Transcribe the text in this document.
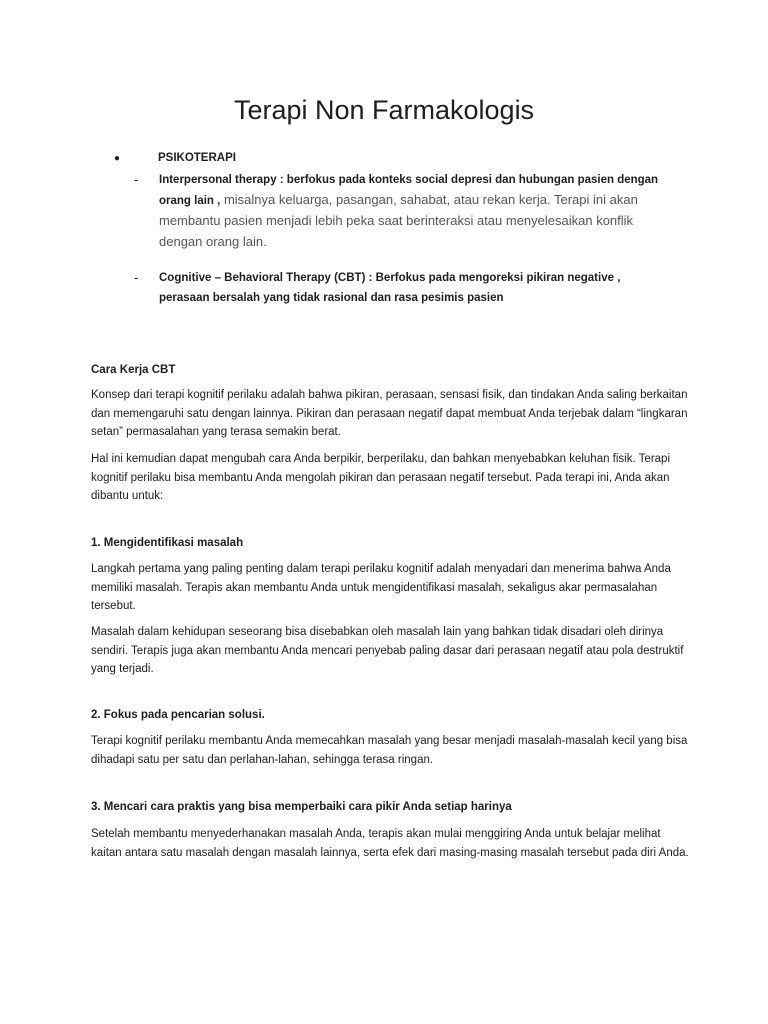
Terapi Non Farmakologis
●	PSIKOTERAPI
- Interpersonal therapy : berfokus pada konteks social depresi dan hubungan pasien dengan orang lain , misalnya keluarga, pasangan, sahabat, atau rekan kerja. Terapi ini akan membantu pasien menjadi lebih peka saat berinteraksi atau menyelesaikan konflik dengan orang lain.
- Cognitive – Behavioral Therapy (CBT) : Berfokus pada mengoreksi pikiran negative , perasaan bersalah yang tidak rasional dan rasa pesimis pasien

Cara Kerja CBT

Konsep dari terapi kognitif perilaku adalah bahwa pikiran, perasaan, sensasi fisik, dan tindakan Anda saling berkaitan dan memengaruhi satu dengan lainnya. Pikiran dan perasaan negatif dapat membuat Anda terjebak dalam “lingkaran setan” permasalahan yang terasa semakin berat.

Hal ini kemudian dapat mengubah cara Anda berpikir, berperilaku, dan bahkan menyebabkan keluhan fisik. Terapi kognitif perilaku bisa membantu Anda mengolah pikiran dan perasaan negatif tersebut. Pada terapi ini, Anda akan dibantu untuk:

1. Mengidentifikasi masalah

Langkah pertama yang paling penting dalam terapi perilaku kognitif adalah menyadari dan menerima bahwa Anda memiliki masalah. Terapis akan membantu Anda untuk mengidentifikasi masalah, sekaligus akar permasalahan tersebut.

Masalah dalam kehidupan seseorang bisa disebabkan oleh masalah lain yang bahkan tidak disadari oleh dirinya sendiri. Terapis juga akan membantu Anda mencari penyebab paling dasar dari perasaan negatif atau pola destruktif yang terjadi.

2. Fokus pada pencarian solusi.

Terapi kognitif perilaku membantu Anda memecahkan masalah yang besar menjadi masalah-masalah kecil yang bisa dihadapi satu per satu dan perlahan-lahan, sehingga terasa ringan.

3. Mencari cara praktis yang bisa memperbaiki cara pikir Anda setiap harinya

Setelah membantu menyederhanakan masalah Anda, terapis akan mulai menggiring Anda untuk belajar melihat kaitan antara satu masalah dengan masalah lainnya, serta efek dari masing-masing masalah tersebut pada diri Anda.
